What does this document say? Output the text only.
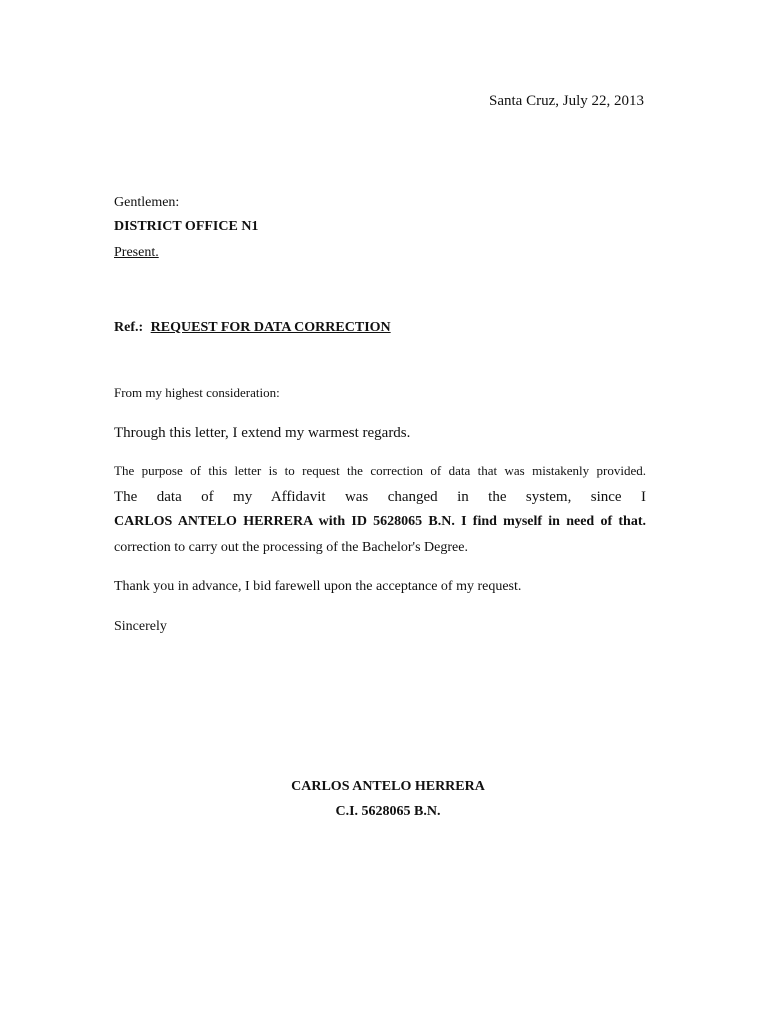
Santa Cruz, July 22, 2013
Gentlemen:
DISTRICT OFFICE N1
Present.
Ref.: REQUEST FOR DATA CORRECTION
From my highest consideration:
Through this letter, I extend my warmest regards.
The purpose of this letter is to request the correction of data that was mistakenly provided.
The data of my Affidavit was changed in the system, since I
CARLOS ANTELO HERRERA with ID 5628065 B.N. I find myself in need of that.
correction to carry out the processing of the Bachelor's Degree.
Thank you in advance, I bid farewell upon the acceptance of my request.
Sincerely
CARLOS ANTELO HERRERA
C.I. 5628065 B.N.
